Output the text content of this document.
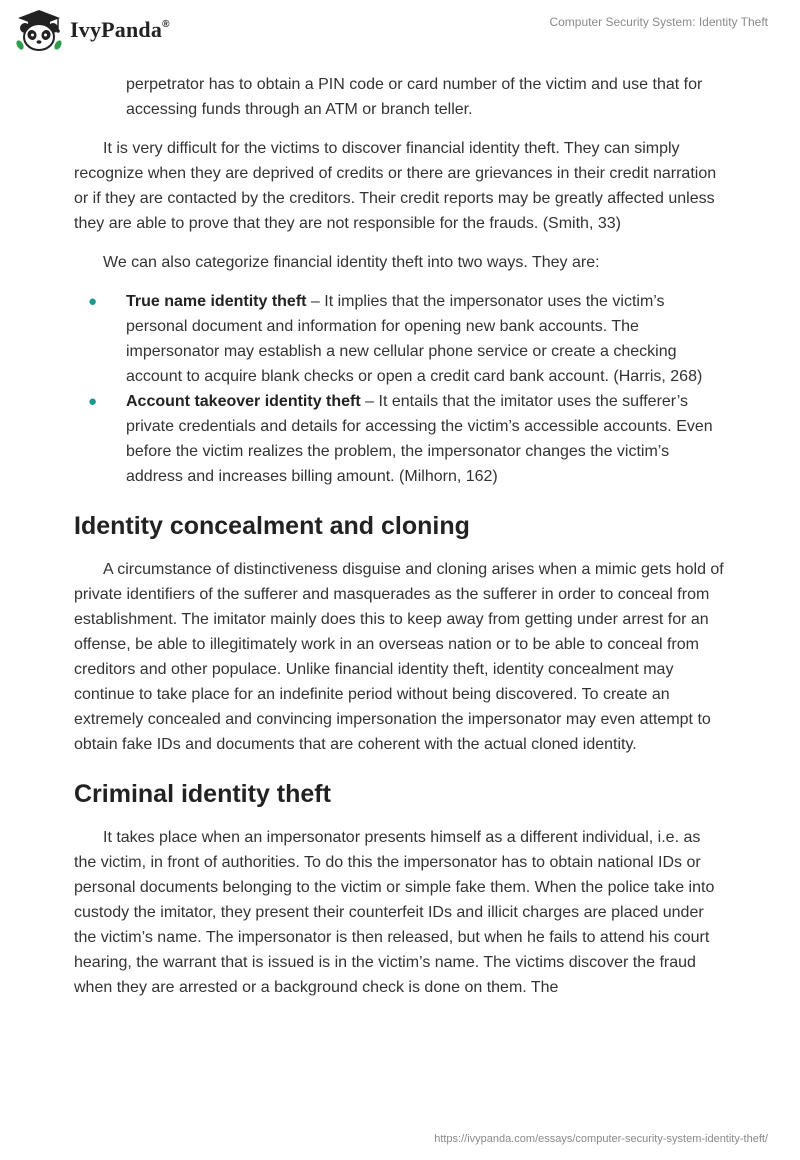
IvyPanda®	Computer Security System: Identity Theft

perpetrator has to obtain a PIN code or card number of the victim and use that for accessing funds through an ATM or branch teller.

It is very difficult for the victims to discover financial identity theft. They can simply recognize when they are deprived of credits or there are grievances in their credit narration or if they are contacted by the creditors. Their credit reports may be greatly affected unless they are able to prove that they are not responsible for the frauds. (Smith, 33)

We can also categorize financial identity theft into two ways. They are:

● True name identity theft – It implies that the impersonator uses the victim’s personal document and information for opening new bank accounts. The impersonator may establish a new cellular phone service or create a checking account to acquire blank checks or open a credit card bank account. (Harris, 268)
● Account takeover identity theft – It entails that the imitator uses the sufferer’s private credentials and details for accessing the victim’s accessible accounts. Even before the victim realizes the problem, the impersonator changes the victim’s address and increases billing amount. (Milhorn, 162)
Identity concealment and cloning

A circumstance of distinctiveness disguise and cloning arises when a mimic gets hold of private identifiers of the sufferer and masquerades as the sufferer in order to conceal from establishment. The imitator mainly does this to keep away from getting under arrest for an offense, be able to illegitimately work in an overseas nation or to be able to conceal from creditors and other populace. Unlike financial identity theft, identity concealment may continue to take place for an indefinite period without being discovered. To create an extremely concealed and convincing impersonation the impersonator may even attempt to obtain fake IDs and documents that are coherent with the actual cloned identity.

Criminal identity theft

It takes place when an impersonator presents himself as a different individual, i.e. as the victim, in front of authorities. To do this the impersonator has to obtain national IDs or personal documents belonging to the victim or simple fake them. When the police take into custody the imitator, they present their counterfeit IDs and illicit charges are placed under the victim’s name. The impersonator is then released, but when he fails to attend his court hearing, the warrant that is issued is in the victim’s name. The victims discover the fraud when they are arrested or a background check is done on them. The

https://ivypanda.com/essays/computer-security-system-identity-theft/
